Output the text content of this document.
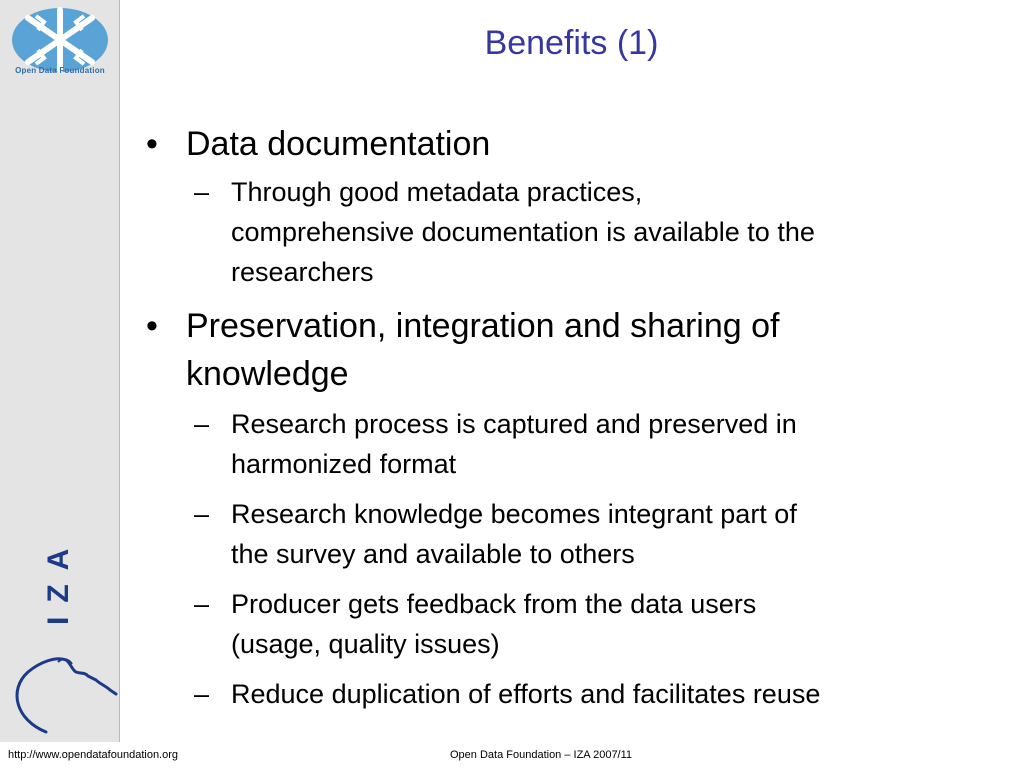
Open Data Foundation
IZA
Benefits (1)
• Data documentation
– Through good metadata practices,
comprehensive documentation is available to the
researchers
• Preservation, integration and sharing of
knowledge
– Research process is captured and preserved in
harmonized format
– Research knowledge becomes integrant part of
the survey and available to others
– Producer gets feedback from the data users
(usage, quality issues)
– Reduce duplication of efforts and facilitates reuse
http://www.opendatafoundation.org	Open Data Foundation – IZA 2007/11
